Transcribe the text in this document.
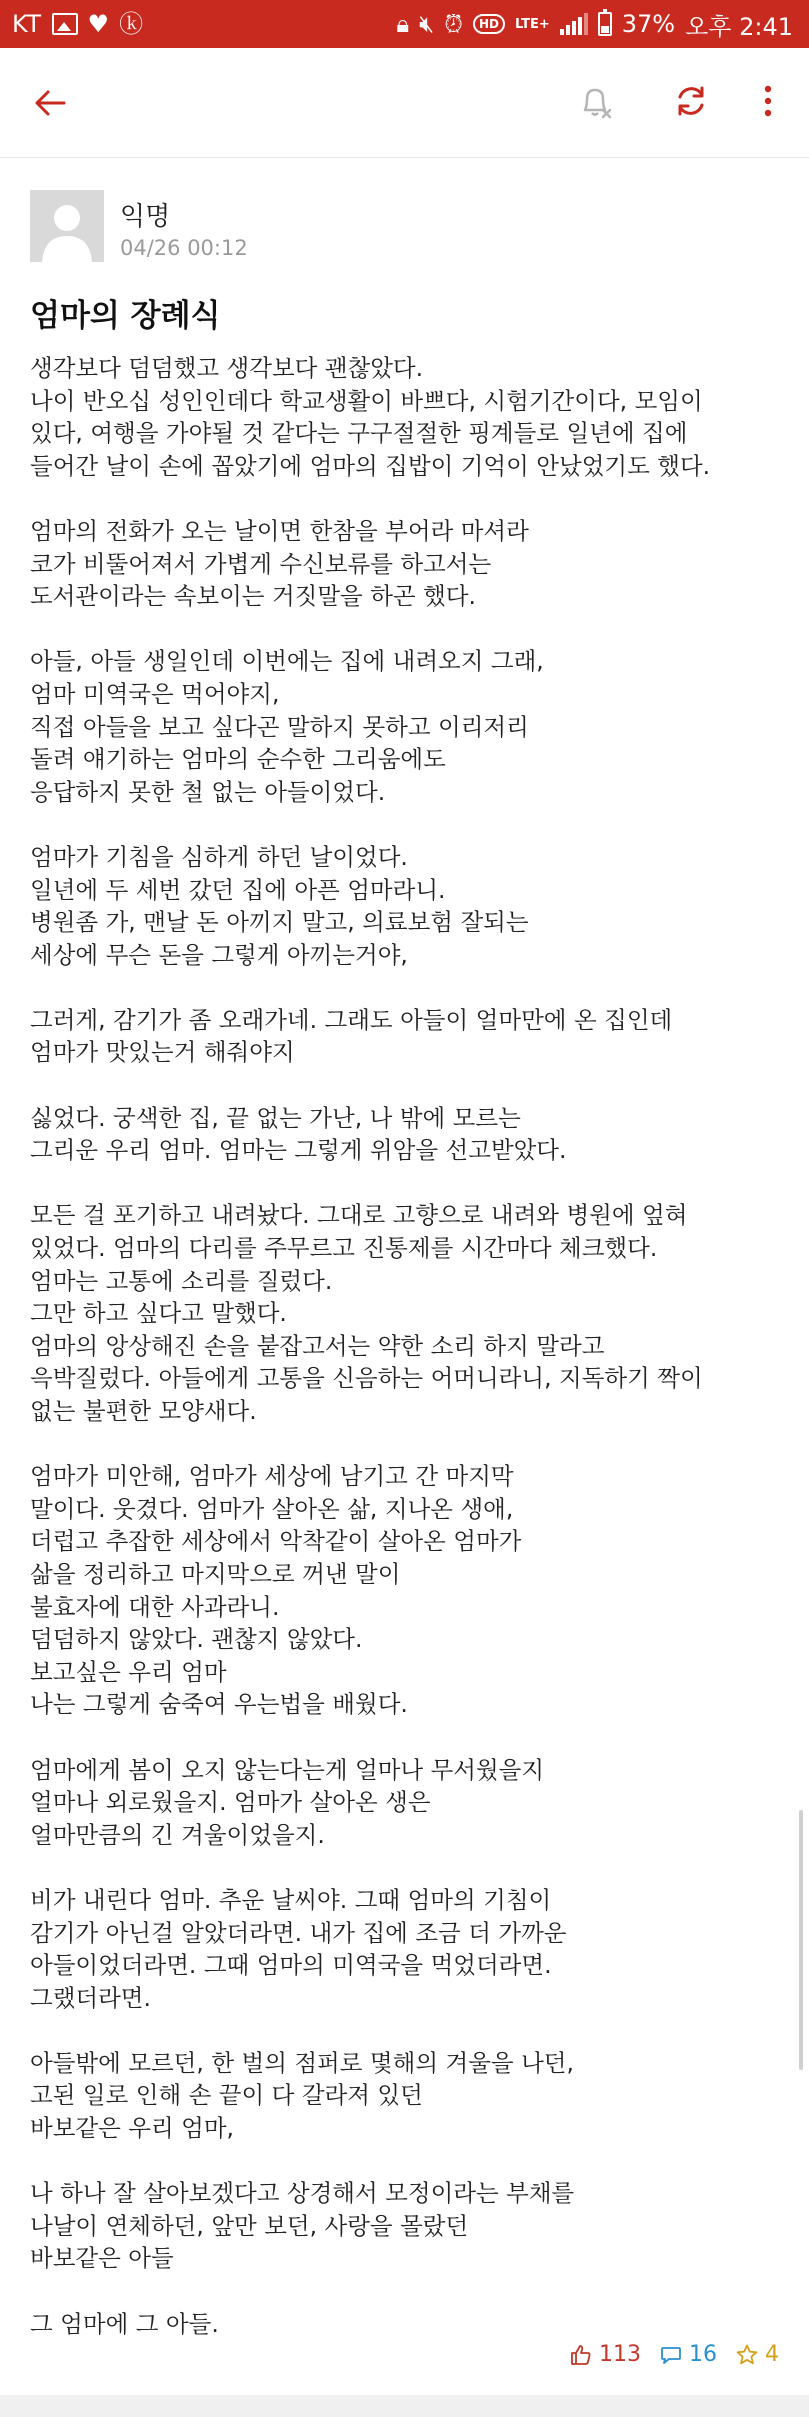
KT ♥ ⓚ	🔒︎ 🔇︎ ⏰︎	HD	LTE+	37% 오후 2:41
익명
04/26 00:12
엄마의 장례식
생각보다 덤덤했고 생각보다 괜찮았다.
나이 반오십 성인인데다 학교생활이 바쁘다, 시험기간이다, 모임이
있다, 여행을 가야될 것 같다는 구구절절한 핑계들로 일년에 집에
들어간 날이 손에 꼽았기에 엄마의 집밥이 기억이 안났었기도 했다.

엄마의 전화가 오는 날이면 한참을 부어라 마셔라
코가 비뚤어져서 가볍게 수신보류를 하고서는
도서관이라는 속보이는 거짓말을 하곤 했다.

아들, 아들 생일인데 이번에는 집에 내려오지 그래,
엄마 미역국은 먹어야지,
직접 아들을 보고 싶다곤 말하지 못하고 이리저리
돌려 얘기하는 엄마의 순수한 그리움에도
응답하지 못한 철 없는 아들이었다.

엄마가 기침을 심하게 하던 날이었다.
일년에 두 세번 갔던 집에 아픈 엄마라니.
병원좀 가, 맨날 돈 아끼지 말고, 의료보험 잘되는
세상에 무슨 돈을 그렇게 아끼는거야,

그러게, 감기가 좀 오래가네. 그래도 아들이 얼마만에 온 집인데
엄마가 맛있는거 해줘야지

싫었다. 궁색한 집, 끝 없는 가난, 나 밖에 모르는
그리운 우리 엄마. 엄마는 그렇게 위암을 선고받았다.

모든 걸 포기하고 내려놨다. 그대로 고향으로 내려와 병원에 엎혀
있었다. 엄마의 다리를 주무르고 진통제를 시간마다 체크했다.
엄마는 고통에 소리를 질렀다.
그만 하고 싶다고 말했다.
엄마의 앙상해진 손을 붙잡고서는 약한 소리 하지 말라고
윽박질렀다. 아들에게 고통을 신음하는 어머니라니, 지독하기 짝이
없는 불편한 모양새다.

엄마가 미안해, 엄마가 세상에 남기고 간 마지막
말이다. 웃겼다. 엄마가 살아온 삶, 지나온 생애,
더럽고 추잡한 세상에서 악착같이 살아온 엄마가
삶을 정리하고 마지막으로 꺼낸 말이
불효자에 대한 사과라니.
덤덤하지 않았다. 괜찮지 않았다.
보고싶은 우리 엄마
나는 그렇게 숨죽여 우는법을 배웠다.

엄마에게 봄이 오지 않는다는게 얼마나 무서웠을지
얼마나 외로웠을지. 엄마가 살아온 생은
얼마만큼의 긴 겨울이었을지.

비가 내린다 엄마. 추운 날씨야. 그때 엄마의 기침이
감기가 아닌걸 알았더라면. 내가 집에 조금 더 가까운
아들이었더라면. 그때 엄마의 미역국을 먹었더라면.
그랬더라면.

아들밖에 모르던, 한 벌의 점퍼로 몇해의 겨울을 나던,
고된 일로 인해 손 끝이 다 갈라져 있던
바보같은 우리 엄마,

나 하나 잘 살아보겠다고 상경해서 모정이라는 부채를
나날이 연체하던, 앞만 보던, 사랑을 몰랐던
바보같은 아들

그 엄마에 그 아들.
113 16 4
